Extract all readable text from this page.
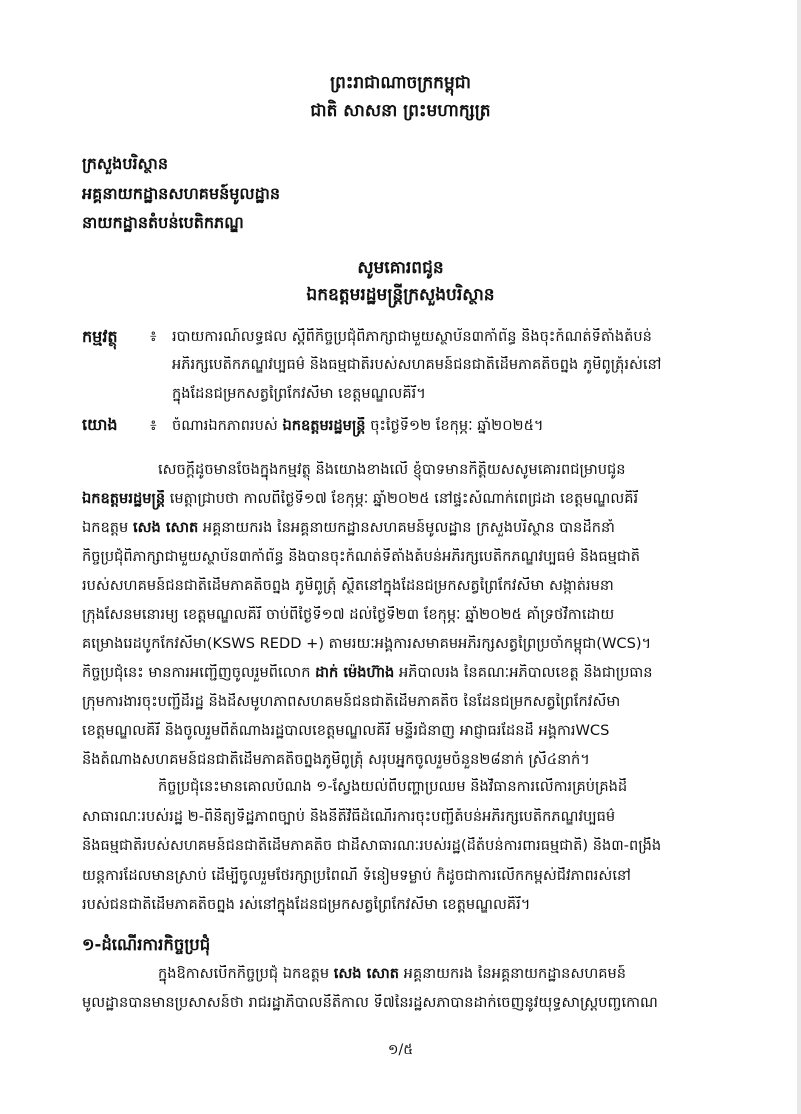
ព្រះរាជាណាចក្រកម្ពុជា
ជាតិ សាសនា ព្រះមហាក្សត្រ
ក្រសួងបរិស្ថាន
អគ្គនាយកដ្ឋានសហគមន៍មូលដ្ឋាន
នាយកដ្ឋានតំបន់បេតិកភណ្ឌ
សូមគោរពជូន
ឯកឧត្តមរដ្ឋមន្ត្រីក្រសួងបរិស្ថាន
កម្មវត្ថុ ៖ របាយការណ៍លទ្ធផល ស្តីពីកិច្ចប្រជុំពិភាក្សាជាមួយស្ថាប័ន៣កាំព័ន្ធ និងចុះកំណត់ទីតាំងតំបន់
អភិរក្សបេតិកភណ្ឌវប្បធម៌ និងធម្មជាតិរបស់សហគមន៍ជនជាតិដើមភាគតិចព្នង ភូមិពូត្រុំរស់នៅ
ក្នុងដែនជម្រកសត្វព្រៃកែវសីមា ខេត្តមណ្ឌលគិរី។
យោង ៖ ចំណារឯកភាពរបស់ ឯកឧត្តមរដ្ឋមន្ត្រី ចុះថ្ងៃទី១២ ខែកុម្ភៈ ឆ្នាំ២០២៥។
សេចក្តីដូចមានចែងក្នុងកម្មវត្ថុ និងយោងខាងលើ ខ្ញុំបាទមានកិត្តិយសសូមគោរពជម្រាបជូន
ឯកឧត្តមរដ្ឋមន្ត្រី មេត្តាជ្រាបថា កាលពីថ្ងៃទី១៧ ខែកុម្ភៈ ឆ្នាំ២០២៥ នៅផ្ទះសំណាក់ពេជ្រដា ខេត្តមណ្ឌលគិរី
ឯកឧត្តម សេង សោត អគ្គនាយករង នៃអគ្គនាយកដ្ឋានសហគមន៍មូលដ្ឋាន ក្រសួងបរិស្ថាន បានដឹកនាំ
កិច្ចប្រជុំពិភាក្សាជាមួយស្ថាប័ន៣កាំព័ន្ធ និងបានចុះកំណត់ទីតាំងតំបន់អភិរក្សបេតិកភណ្ឌវប្បធម៌ និងធម្មជាតិ
របស់សហគមន៍ជនជាតិដើមភាគតិចព្នង ភូមិពូត្រុំ ស្ថិតនៅក្នុងដែនជម្រកសត្វព្រៃកែវសីមា សង្កាត់រមនា
ក្រុងសែនមនោរម្យ ខេត្តមណ្ឌលគិរី ចាប់ពីថ្ងៃទី១៧ ដល់ថ្ងៃទី២៣ ខែកុម្ភៈ ឆ្នាំ២០២៥ គាំទ្រថវិកាដោយ
គម្រោងរេដបូកកែវសីមា(KSWS REDD +) តាមរយៈអង្គការសមាគមអភិរក្សសត្វព្រៃប្រចាំកម្ពុជា(WCS)។
កិច្ចប្រជុំនេះ មានការអញ្ជើញចូលរួមពីលោក ដាក់ ម៉េងហ៊ាង អភិបាលរង នៃគណៈអភិបាលខេត្ត និងជាប្រធាន
ក្រុមការងារចុះបញ្ជីដីរដ្ឋ និងដីសមូហភាពសហគមន៍ជនជាតិដើមភាគតិច នៃដែនជម្រកសត្វព្រៃកែវសីមា
ខេត្តមណ្ឌលគិរី និងចូលរួមពីតំណាងរដ្ឋបាលខេត្តមណ្ឌលគិរី មន្ទីរជំនាញ អាជ្ញាធរដែនដី អង្គការWCS
និងតំណាងសហគមន៍ជនជាតិដើមភាគតិចព្នងភូមិពូត្រុំ សរុបអ្នកចូលរួមចំនួន២៨នាក់ ស្រី៤នាក់។
កិច្ចប្រជុំនេះមានគោលបំណង ១-ស្វែងយល់ពីបញ្ហាប្រឈម និងវិធានការលើការគ្រប់គ្រងដី
សាធារណៈរបស់រដ្ឋ ២-ពិនិត្យទិដ្ឋភាពច្បាប់ និងនីតិវិធីដំណើរការចុះបញ្ជីតំបន់អភិរក្សបេតិកភណ្ឌវប្បធម៌
និងធម្មជាតិរបស់សហគមន៍ជនជាតិដើមភាគតិច ជាដីសាធារណៈរបស់រដ្ឋ(ដីតំបន់ការពារធម្មជាតិ) និង៣-ពង្រឹង
យន្តការដែលមានស្រាប់ ដើម្បីចូលរួមថែរក្សាប្រពៃណី ទំនៀមទម្លាប់ ក៏ដូចជាការលើកកម្ពស់ជីវភាពរស់នៅ
របស់ជនជាតិដើមភាគតិចព្នង រស់នៅក្នុងដែនជម្រកសត្វព្រៃកែវសីមា ខេត្តមណ្ឌលគិរី។
១-ដំណើរការកិច្ចប្រជុំ
ក្នុងឱកាសបើកកិច្ចប្រជុំ ឯកឧត្តម សេង សោត អគ្គនាយករង នៃអគ្គនាយកដ្ឋានសហគមន៍
មូលដ្ឋានបានមានប្រសាសន៍ថា រាជរដ្ឋាភិបាលនីតិកាល ទី៧នៃរដ្ឋសភាបានដាក់ចេញនូវយុទ្ធសាស្ត្របញ្ចកោណ
១/៥
